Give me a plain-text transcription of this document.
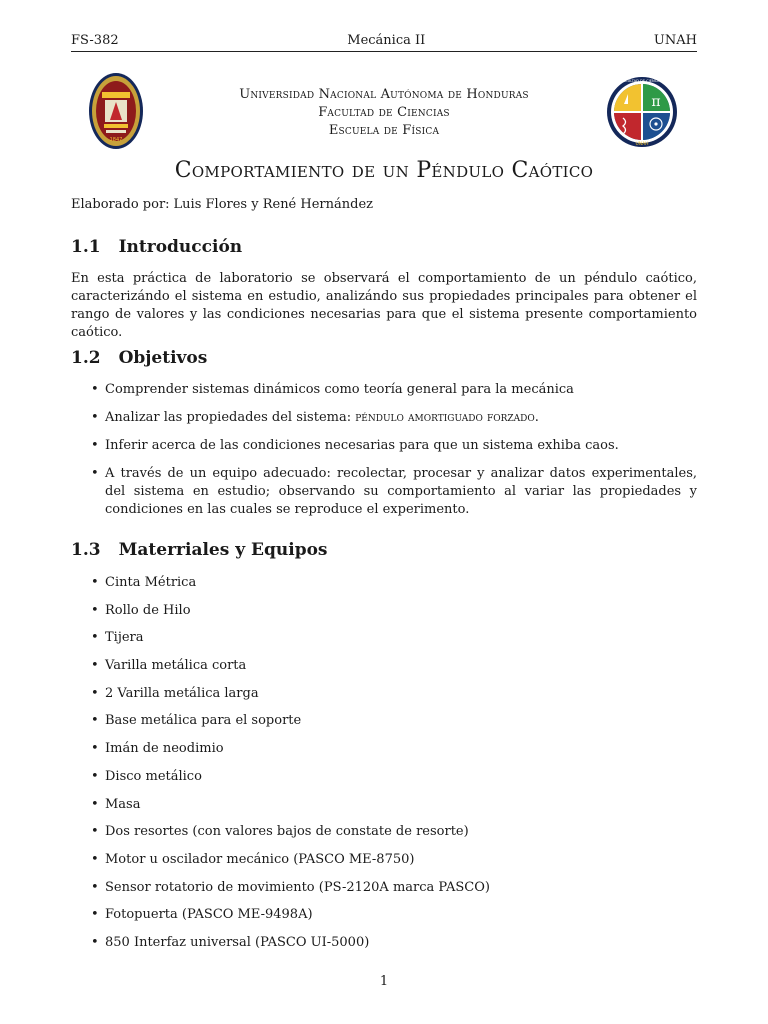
FS-382	Mecánica II	UNAH
1847
π
FACULTAD DE CIENCIAS
UNAH
Universidad Nacional Autónoma de Honduras
Facultad de Ciencias
Escuela de Física
Comportamiento de un Péndulo Caótico
Elaborado por: Luis Flores y René Hernández
1.1 Introducción

En esta práctica de laboratorio se observará el comportamiento de un péndulo caótico, caracterizándo el sistema en estudio, analizándo sus propiedades principales para obtener el rango de valores y las condiciones necesarias para que el sistema presente comportamiento caótico.

1.2 Objetivos
• Comprender sistemas dinámicos como teoría general para la mecánica
• Analizar las propiedades del sistema: péndulo amortiguado forzado.
• Inferir acerca de las condiciones necesarias para que un sistema exhiba caos.
• A través de un equipo adecuado: recolectar, procesar y analizar datos experimentales, del sistema en estudio; observando su comportamiento al variar las propiedades y condiciones en las cuales se reproduce el experimento.
1.3 Materriales y Equipos
• Cinta Métrica
• Rollo de Hilo
• Tijera
• Varilla metálica corta
• 2 Varilla metálica larga
• Base metálica para el soporte
• Imán de neodimio
• Disco metálico
• Masa
• Dos resortes (con valores bajos de constate de resorte)
• Motor u oscilador mecánico (PASCO ME-8750)
• Sensor rotatorio de movimiento (PS-2120A marca PASCO)
• Fotopuerta (PASCO ME-9498A)
• 850 Interfaz universal (PASCO UI-5000)
1
